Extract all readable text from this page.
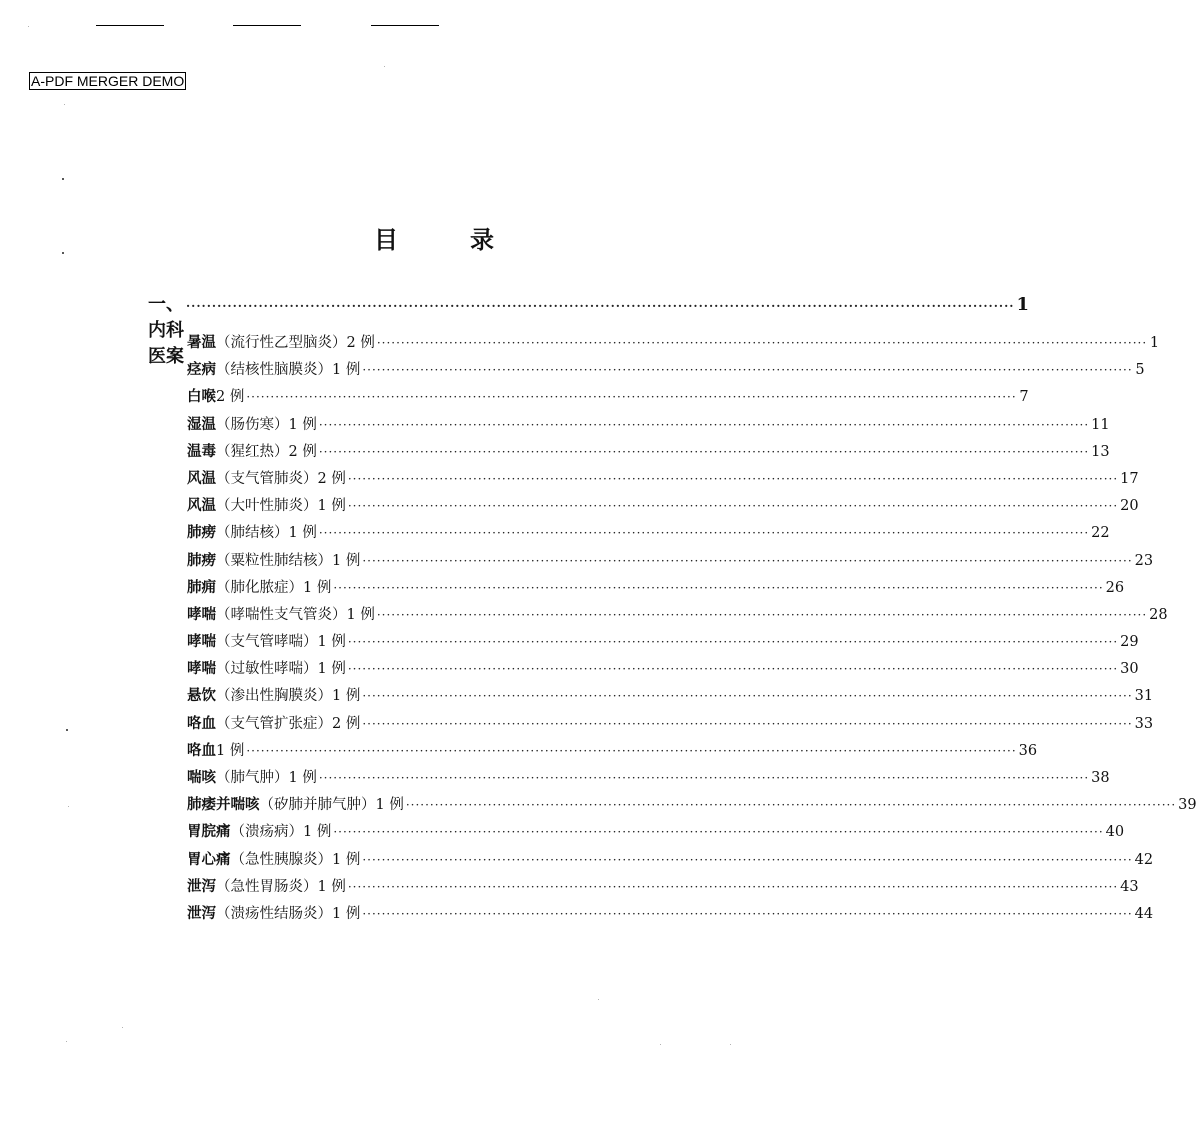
A-PDF MERGER DEMO
目	录
一、内科医案
································································································································································ 1
暑温 （流行性乙型脑炎） 2 例 ································································································································································ 1
痉病 （结核性脑膜炎） 1 例 ································································································································································ 5
白喉 2 例 ································································································································································ 7
湿温 （肠伤寒） 1 例 ································································································································································ 11
温毒 （猩红热） 2 例 ································································································································································ 13
风温 （支气管肺炎） 2 例 ································································································································································ 17
风温 （大叶性肺炎） 1 例 ································································································································································ 20
肺痨 （肺结核） 1 例 ································································································································································ 22
肺痨 （粟粒性肺结核） 1 例 ································································································································································ 23
肺痈 （肺化脓症） 1 例 ································································································································································ 26
哮喘 （哮喘性支气管炎） 1 例 ································································································································································ 28
哮喘 （支气管哮喘） 1 例 ································································································································································ 29
哮喘 （过敏性哮喘） 1 例 ································································································································································ 30
悬饮 （渗出性胸膜炎） 1 例 ································································································································································ 31
咯血 （支气管扩张症） 2 例 ································································································································································ 33
咯血 1 例 ································································································································································ 36
喘咳 （肺气肿） 1 例 ································································································································································ 38
肺痿并喘咳 （矽肺并肺气肿） 1 例 ································································································································································ 39
胃脘痛 （溃疡病） 1 例 ································································································································································ 40
胃心痛 （急性胰腺炎） 1 例 ································································································································································ 42
泄泻 （急性胃肠炎） 1 例 ································································································································································ 43
泄泻 （溃疡性结肠炎） 1 例 ································································································································································ 44
